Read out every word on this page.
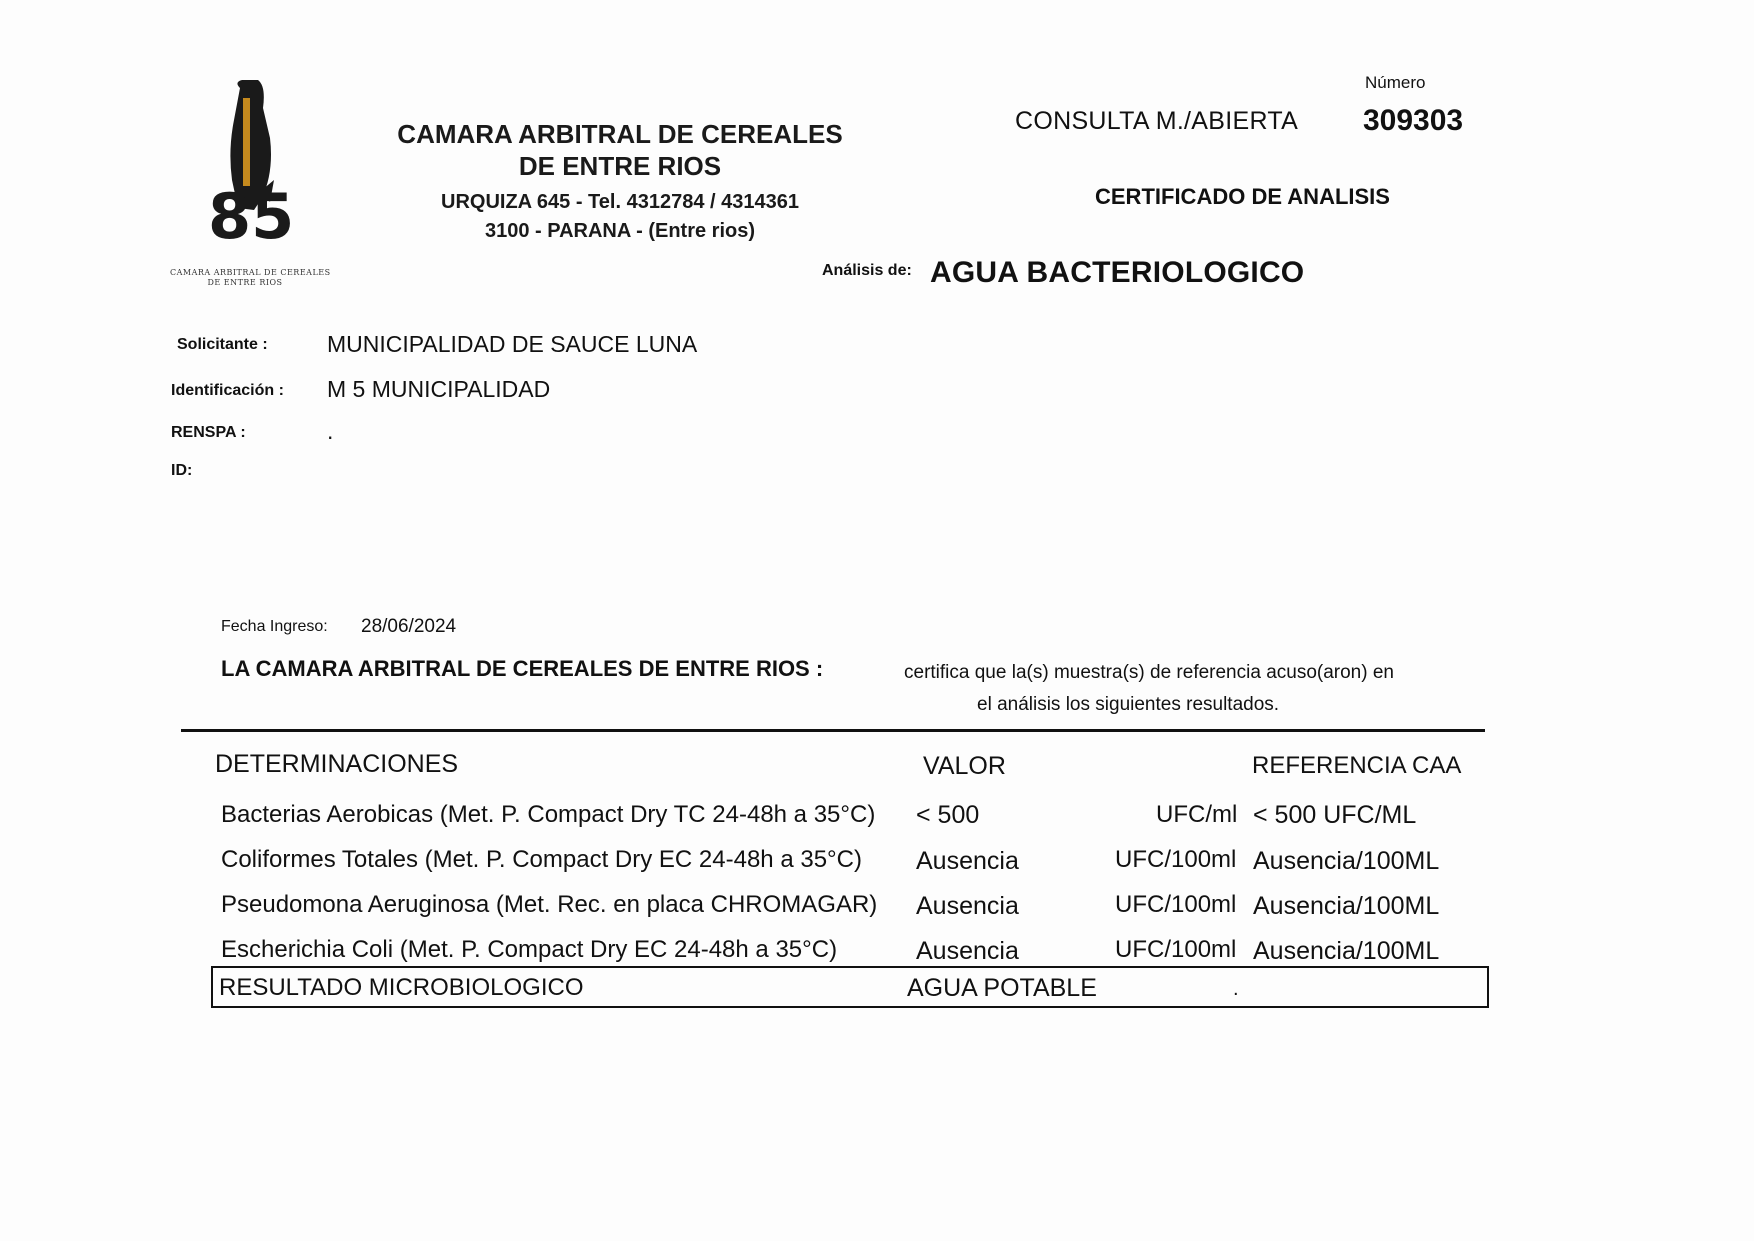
85
CAMARA ARBITRAL DE CEREALES
DE ENTRE RIOS
CAMARA ARBITRAL DE CEREALES
DE ENTRE RIOS
URQUIZA 645 - Tel. 4312784 / 4314361
3100 - PARANA - (Entre rios)
Número
CONSULTA M./ABIERTA 309303
CERTIFICADO DE ANALISIS
Análisis de: AGUA BACTERIOLOGICO
Solicitante :	MUNICIPALIDAD DE SAUCE LUNA
Identificación : M 5 MUNICIPALIDAD
RENSPA :	.
ID:
Fecha Ingreso: 28/06/2024
LA CAMARA ARBITRAL DE CEREALES DE ENTRE RIOS :	certifica que la(s) muestra(s) de referencia acuso(aron) en
el análisis los siguientes resultados.
DETERMINACIONES	VALOR	REFERENCIA CAA
Bacterias Aerobicas (Met. P. Compact Dry TC 24-48h a 35°C) < 500	UFC/ml < 500 UFC/ML
Coliformes Totales (Met. P. Compact Dry EC 24-48h a 35°C) Ausencia	UFC/100ml Ausencia/100ML
Pseudomona Aeruginosa (Met. Rec. en placa CHROMAGAR) Ausencia	UFC/100ml Ausencia/100ML
Escherichia Coli (Met. P. Compact Dry EC 24-48h a 35°C)	Ausencia	UFC/100ml Ausencia/100ML
RESULTADO MICROBIOLOGICO	AGUA POTABLE	.
